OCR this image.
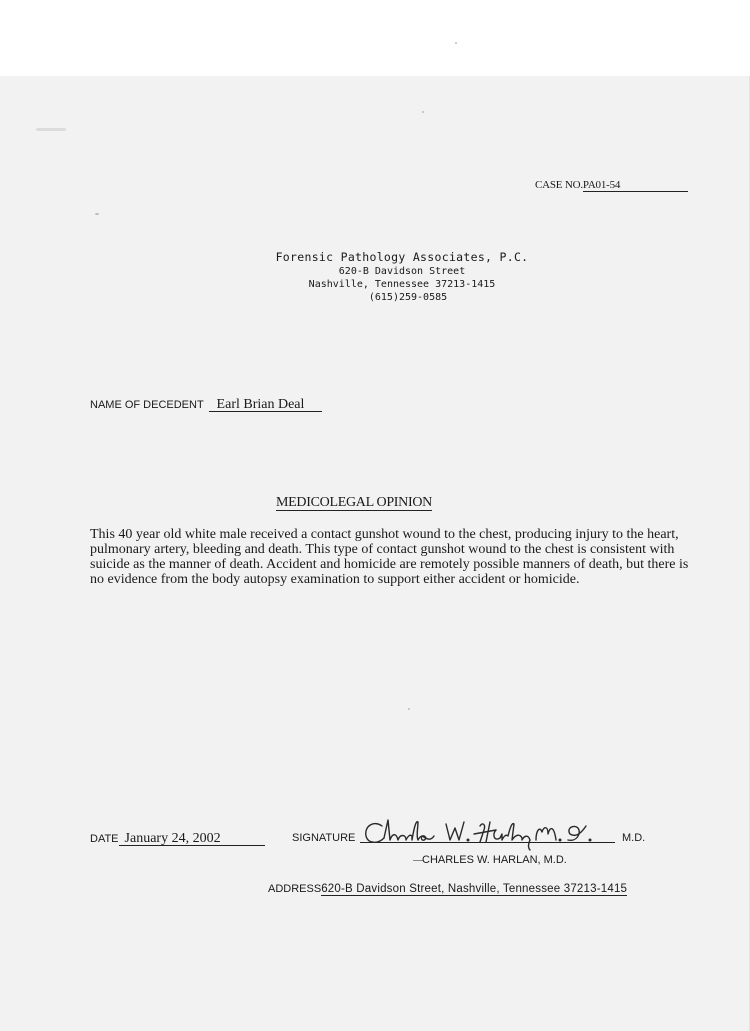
CASE NO.PA01-54
Forensic Pathology Associates, P.C.
620-B Davidson Street
Nashville, Tennessee 37213-1415
(615)259-0585
NAME OF DECEDENT Earl Brian Deal
MEDICOLEGAL OPINION

This 40 year old white male received a contact gunshot wound to the chest, producing injury to the heart, pulmonary artery, bleeding and death. This type of contact gunshot wound to the chest is consistent with suicide as the manner of death. Accident and homicide are remotely possible manners of death, but there is no evidence from the body autopsy examination to support either accident or homicide.

DATE January 24, 2002	SIGNATURE	M.D.
CHARLES W. HARLAN, M.D.
ADDRESS620-B Davidson Street, Nashville, Tennessee 37213-1415
